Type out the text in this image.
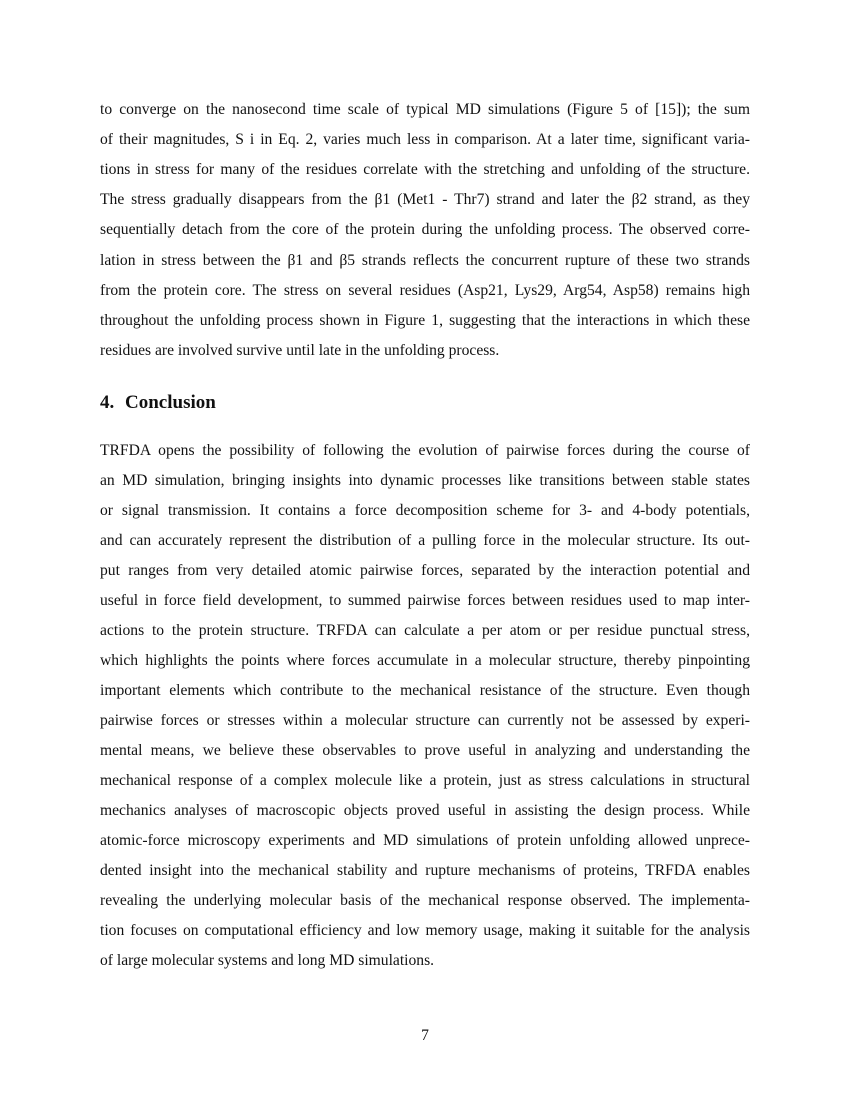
to converge on the nanosecond time scale of typical MD simulations (Figure 5 of [15]); the sum
of their magnitudes, S i in Eq. 2, varies much less in comparison. At a later time, significant varia-
tions in stress for many of the residues correlate with the stretching and unfolding of the structure.
The stress gradually disappears from the β1 (Met1 - Thr7) strand and later the β2 strand, as they
sequentially detach from the core of the protein during the unfolding process. The observed corre-
lation in stress between the β1 and β5 strands reflects the concurrent rupture of these two strands
from the protein core. The stress on several residues (Asp21, Lys29, Arg54, Asp58) remains high
throughout the unfolding process shown in Figure 1, suggesting that the interactions in which these
residues are involved survive until late in the unfolding process.
4. Conclusion
TRFDA opens the possibility of following the evolution of pairwise forces during the course of
an MD simulation, bringing insights into dynamic processes like transitions between stable states
or signal transmission. It contains a force decomposition scheme for 3- and 4-body potentials,
and can accurately represent the distribution of a pulling force in the molecular structure. Its out-
put ranges from very detailed atomic pairwise forces, separated by the interaction potential and
useful in force field development, to summed pairwise forces between residues used to map inter-
actions to the protein structure. TRFDA can calculate a per atom or per residue punctual stress,
which highlights the points where forces accumulate in a molecular structure, thereby pinpointing
important elements which contribute to the mechanical resistance of the structure. Even though
pairwise forces or stresses within a molecular structure can currently not be assessed by experi-
mental means, we believe these observables to prove useful in analyzing and understanding the
mechanical response of a complex molecule like a protein, just as stress calculations in structural
mechanics analyses of macroscopic objects proved useful in assisting the design process. While
atomic-force microscopy experiments and MD simulations of protein unfolding allowed unprece-
dented insight into the mechanical stability and rupture mechanisms of proteins, TRFDA enables
revealing the underlying molecular basis of the mechanical response observed. The implementa-
tion focuses on computational efficiency and low memory usage, making it suitable for the analysis
of large molecular systems and long MD simulations.
7
